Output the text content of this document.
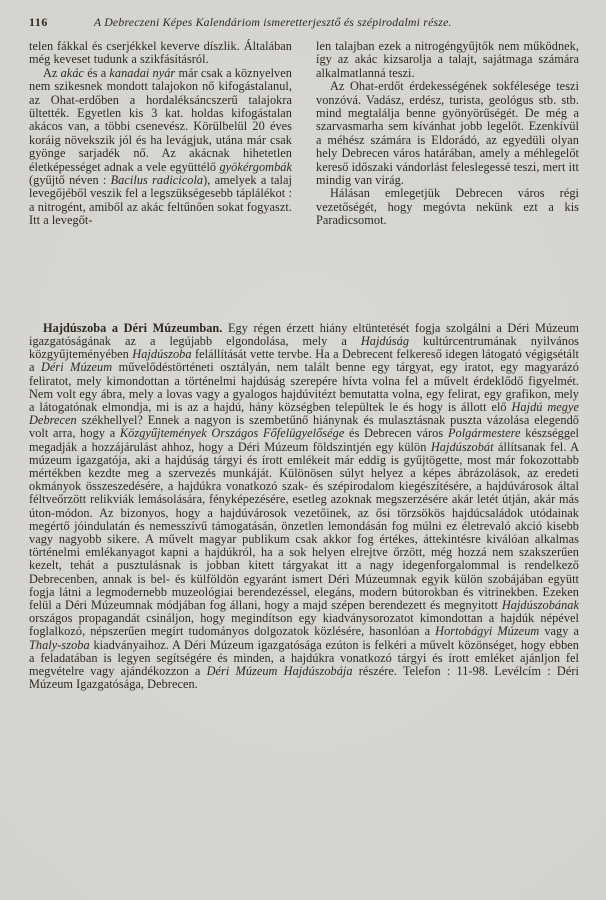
116	A Debreczeni Képes Kalendáriom ismeretterjesztő és szépirodalmi része.

telen fákkal és cserjékkel keverve díszlik. Általában még keveset tudunk a szikfásításról.

Az akác és a kanadai nyár már csak a köznyelven nem szikesnek mondott talajokon nő kifogástalanul, az Ohat-erdőben a hordaléksáncszerű talajokra ültették. Egyetlen kis 3 kat. holdas kifogástalan akácos van, a többi csenevész. Körülbelül 20 éves koráig növekszik jól és ha levágjuk, utána már csak gyönge sarjadék nő. Az akácnak hihetetlen életképességet adnak a vele együttélő gyökérgombák (gyűjtő néven : Bacilus radicicola), amelyek a talaj levegőjéből veszik fel a legszükségesebb táplálékot : a nitrogént, amiből az akác feltűnően sokat fogyaszt. Itt a levegőt-

len talajban ezek a nitrogéngyűjtők nem működnek, így az akác kizsarolja a talajt, sajátmaga számára alkalmatlanná teszi.

Az Ohat-erdőt érdekességének sokfélesége teszi vonzóvá. Vadász, erdész, turista, geológus stb. stb. mind megtalálja benne gyönyörűségét. De még a szarvasmarha sem kívánhat jobb legelőt. Ezenkívül a méhész számára is Eldorádó, az egyedüli olyan hely Debrecen város határában, amely a méhlegelőt kereső időszaki vándorlást feleslegessé teszi, mert itt mindig van virág.

Hálásan emlegetjük Debrecen város régi vezetőségét, hogy megóvta nekünk ezt a kis Paradicsomot.

Hajdúszoba a Déri Múzeumban. Egy régen érzett hiány eltüntetését fogja szolgálni a Déri Múzeum igazgatóságának az a legújabb elgondolása, mely a Hajdúság kultúrcentrumának nyilvános közgyűjteményében Hajdúszoba felállítását vette tervbe. Ha a Debrecent felkereső idegen látogató végigsétált a Déri Múzeum művelődéstörténeti osztályán, nem talált benne egy tárgyat, egy iratot, egy magyarázó feliratot, mely kimondottan a történelmi hajdúság szerepére hívta volna fel a művelt érdeklődő figyelmét. Nem volt egy ábra, mely a lovas vagy a gyalogos hajdúvitézt bemutatta volna, egy felirat, egy grafikon, mely a látogatónak elmondja, mi is az a hajdú, hány községben települtek le és hogy is állott elő Hajdú megye Debrecen székhellyel? Ennek a nagyon is szembetűnő hiánynak és mulasztásnak puszta vázolása elegendő volt arra, hogy a Közgyűjtemények Országos Főfelügyelősége és Debrecen város Polgármestere készséggel megadják a hozzájárulást ahhoz, hogy a Déri Múzeum földszintjén egy külön Hajdúszobát állítsanak fel. A múzeum igazgatója, aki a hajdúság tárgyi és írott emlékeit már eddig is gyűjtögette, most már fokozottabb mértékben kezdte meg a szervezés munkáját. Különösen súlyt helyez a képes ábrázolások, az eredeti okmányok összeszedésére, a hajdúkra vonatkozó szak- és szépirodalom kiegészítésére, a hajdúvárosok által féltveőrzött relikviák lemásolására, fényképezésére, esetleg azoknak megszerzésére akár letét útján, akár más úton-módon. Az bizonyos, hogy a hajdúvárosok vezetőinek, az ősi törzsökös hajdúcsaládok utódainak megértő jóindulatán és nemesszívű támogatásán, önzetlen lemondásán fog múlni ez életrevaló akció kisebb vagy nagyobb sikere. A művelt magyar publikum csak akkor fog értékes, áttekintésre kiválóan alkalmas történelmi emlékanyagot kapni a hajdúkról, ha a sok helyen elrejtve őrzött, még hozzá nem szakszerűen kezelt, tehát a pusztulásnak is jobban kitett tárgyakat itt a nagy idegenforgalommal is rendelkező Debrecenben, annak is bel- és külföldön egyaránt ismert Déri Múzeumnak egyik külön szobájában együtt fogja látni a legmodernebb muzeológiai berendezéssel, elegáns, modern bútorokban és vitrinekben. Ezeken felül a Déri Múzeumnak módjában fog állani, hogy a majd szépen berendezett és megnyitott Hajdúszobának országos propagandát csináljon, hogy megindítson egy kiadványsorozatot kimondottan a hajdúk népével foglalkozó, népszerűen megírt tudományos dolgozatok közlésére, hasonlóan a Hortobágyi Múzeum vagy a Thaly-szoba kiadványaihoz. A Déri Múzeum igazgatósága ezúton is felkéri a művelt közönséget, hogy ebben a feladatában is legyen segítségére és minden, a hajdúkra vonatkozó tárgyi és írott emléket ajánljon fel megvételre vagy ajándékozzon a Déri Múzeum Hajdúszobája részére. Telefon : 11-98. Levélcím : Déri Múzeum Igazgatósága, Debrecen.
